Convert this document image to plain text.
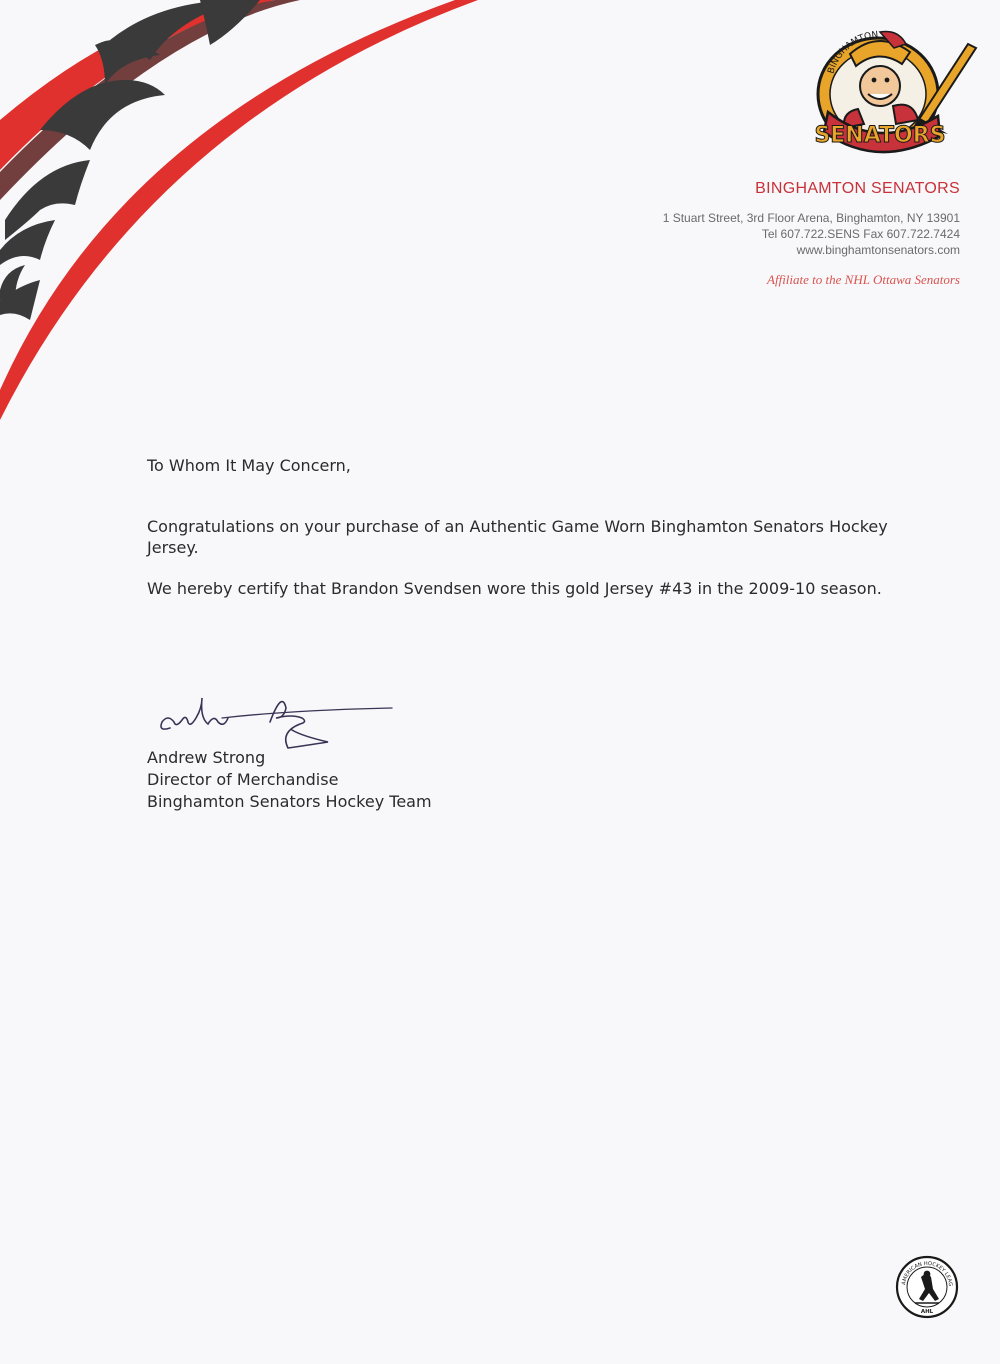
SENATORS
BINGHAMTON
BINGHAMTON SENATORS
1 Stuart Street, 3rd Floor Arena, Binghamton, NY 13901
Tel 607.722.SENS Fax 607.722.7424
www.binghamtonsenators.com
Affiliate to the NHL Ottawa Senators

To Whom It May Concern,

Congratulations on your purchase of an Authentic Game Worn Binghamton Senators Hockey Jersey.

We hereby certify that Brandon Svendsen wore this gold Jersey #43 in the 2009-10 season.

Andrew Strong
Director of Merchandise
Binghamton Senators Hockey Team
AMERICAN HOCKEY LEAG
AHL
